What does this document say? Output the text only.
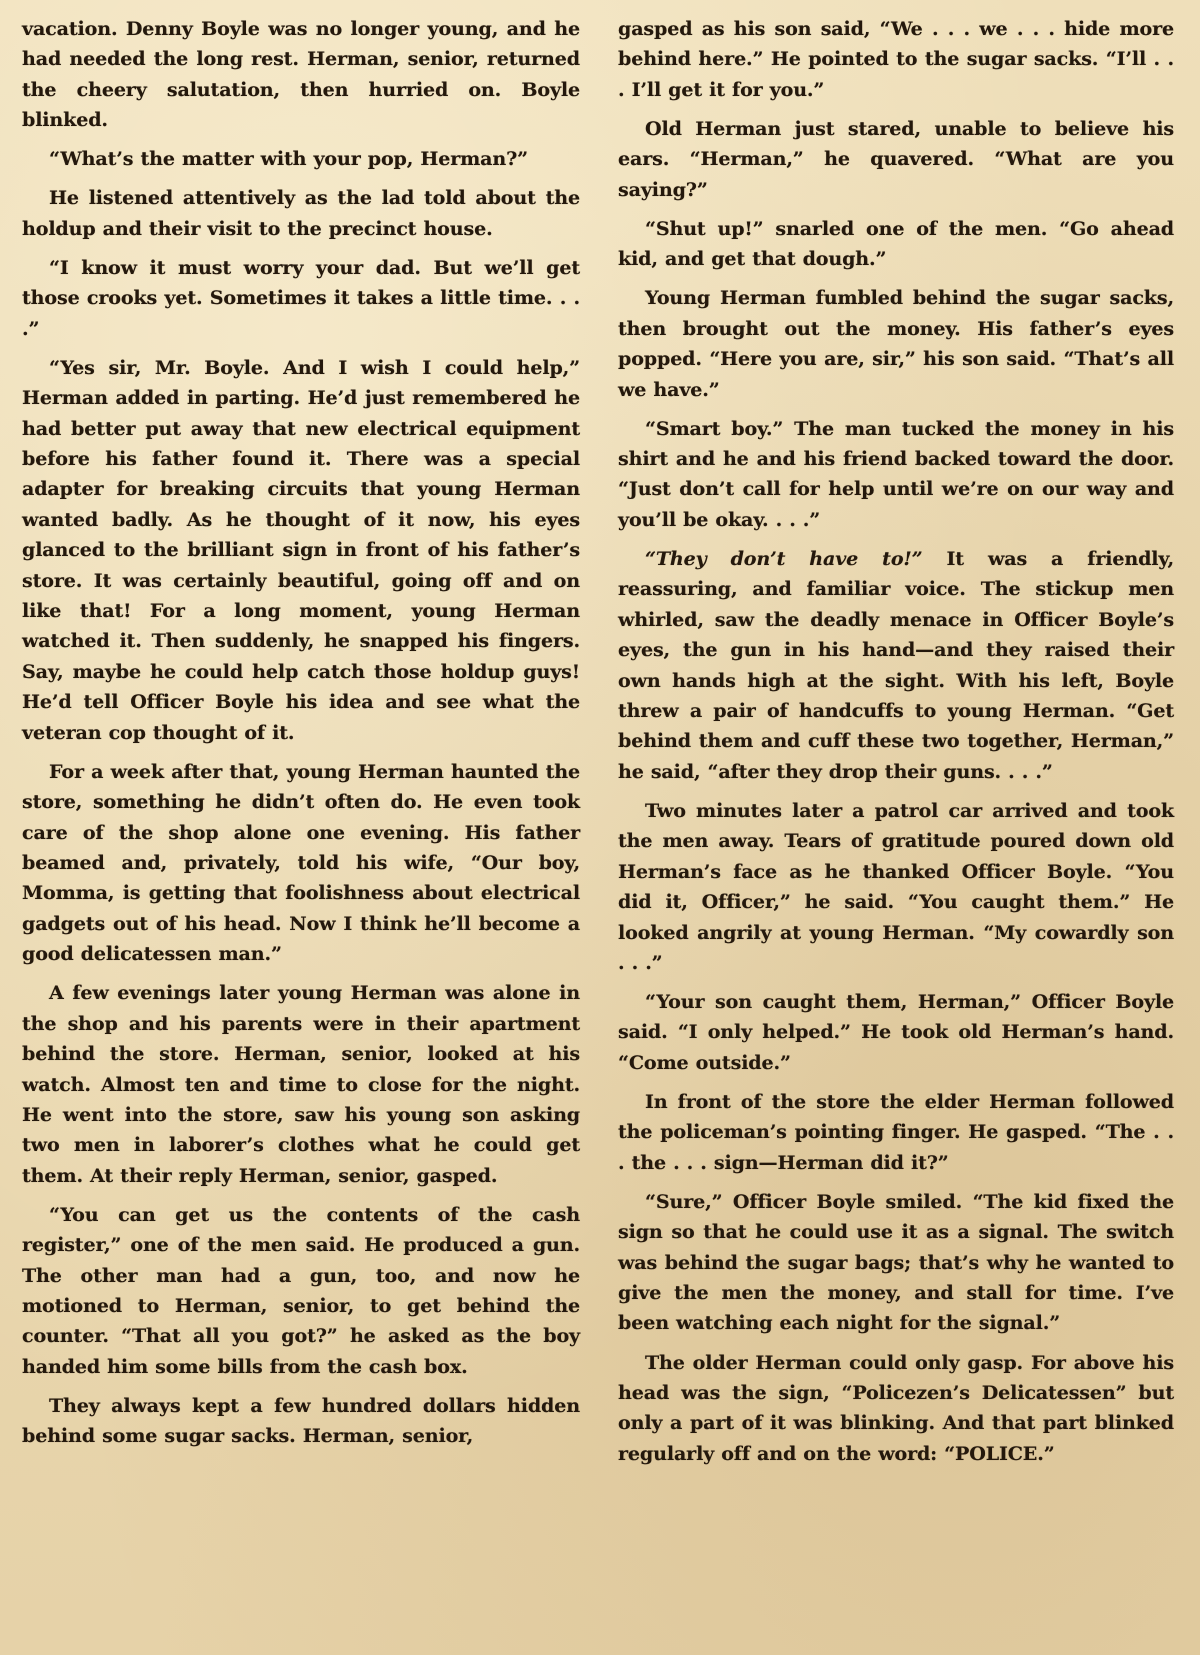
vacation. Denny Boyle was no longer young, and he had needed the long rest. Herman, senior, returned the cheery salutation, then hurried on. Boyle blinked.

“What’s the matter with your pop, Herman?”

He listened attentively as the lad told about the holdup and their visit to the precinct house.

“I know it must worry your dad. But we’ll get those crooks yet. Sometimes it takes a little time. . . .”

“Yes sir, Mr. Boyle. And I wish I could help,” Herman added in parting. He’d just remembered he had better put away that new electrical equipment before his father found it. There was a special adapter for breaking circuits that young Herman wanted badly. As he thought of it now, his eyes glanced to the brilliant sign in front of his father’s store. It was certainly beautiful, going off and on like that! For a long moment, young Herman watched it. Then suddenly, he snapped his fingers. Say, maybe he could help catch those holdup guys! He’d tell Officer Boyle his idea and see what the veteran cop thought of it.

For a week after that, young Herman haunted the store, something he didn’t often do. He even took care of the shop alone one evening. His father beamed and, privately, told his wife, “Our boy, Momma, is getting that foolishness about electrical gadgets out of his head. Now I think he’ll become a good delicatessen man.”

A few evenings later young Herman was alone in the shop and his parents were in their apartment behind the store. Herman, senior, looked at his watch. Almost ten and time to close for the night. He went into the store, saw his young son asking two men in laborer’s clothes what he could get them. At their reply Herman, senior, gasped.

“You can get us the contents of the cash register,” one of the men said. He produced a gun. The other man had a gun, too, and now he motioned to Herman, senior, to get behind the counter. “That all you got?” he asked as the boy handed him some bills from the cash box.

They always kept a few hundred dollars hidden behind some sugar sacks. Herman, senior,

gasped as his son said, “We . . . we . . . hide more behind here.” He pointed to the sugar sacks. “I’ll . . . I’ll get it for you.”

Old Herman just stared, unable to believe his ears. “Herman,” he quavered. “What are you saying?”

“Shut up!” snarled one of the men. “Go ahead kid, and get that dough.”

Young Herman fumbled behind the sugar sacks, then brought out the money. His father’s eyes popped. “Here you are, sir,” his son said. “That’s all we have.”

“Smart boy.” The man tucked the money in his shirt and he and his friend backed toward the door. “Just don’t call for help until we’re on our way and you’ll be okay. . . .”

“They don’t have to!” It was a friendly, reassuring, and familiar voice. The stickup men whirled, saw the deadly menace in Officer Boyle’s eyes, the gun in his hand—and they raised their own hands high at the sight. With his left, Boyle threw a pair of handcuffs to young Herman. “Get behind them and cuff these two together, Herman,” he said, “after they drop their guns. . . .”

Two minutes later a patrol car arrived and took the men away. Tears of gratitude poured down old Herman’s face as he thanked Officer Boyle. “You did it, Officer,” he said. “You caught them.” He looked angrily at young Herman. “My cowardly son . . .”

“Your son caught them, Herman,” Officer Boyle said. “I only helped.” He took old Herman’s hand. “Come outside.”

In front of the store the elder Herman followed the policeman’s pointing finger. He gasped. “The . . . the . . . sign—Herman did it?”

“Sure,” Officer Boyle smiled. “The kid fixed the sign so that he could use it as a signal. The switch was behind the sugar bags; that’s why he wanted to give the men the money, and stall for time. I’ve been watching each night for the signal.”

The older Herman could only gasp. For above his head was the sign, “Policezen’s Delicatessen” but only a part of it was blinking. And that part blinked regularly off and on the word: “POLICE.”
